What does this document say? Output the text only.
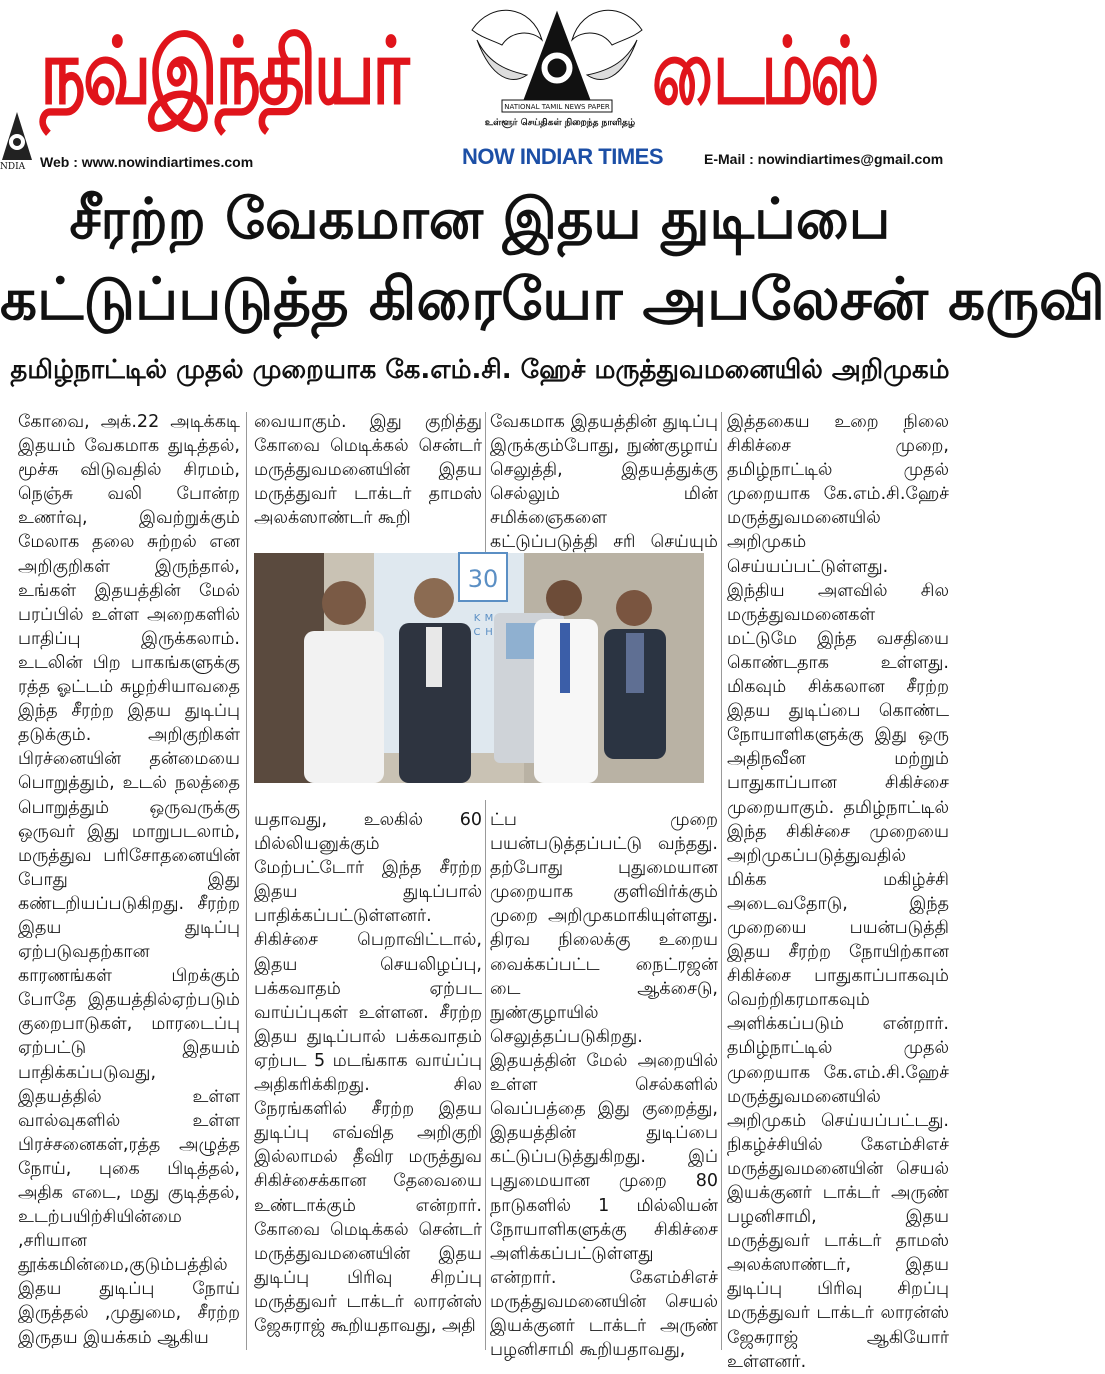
நவ்இந்தியர்	NATIONAL TAMIL NEWS PAPER
உள்ளூர் செய்திகள் நிறைந்த நாளிதழ் டைம்ஸ்
NDIA Web : www.nowindiartimes.com	NOW INDIAR TIMES	E-Mail : nowindiartimes@gmail.com
சீரற்ற வேகமான இதய துடிப்பை
கட்டுப்படுத்த கிரையோ அபலேசன் கருவி
தமிழ்நாட்டில் முதல் முறையாக கே.எம்.சி. ஹேச் மருத்துவமனையில் அறிமுகம்

கோவை, அக்.22 அடிக்கடி இதயம் வேகமாக துடித்தல், மூச்சு விடுவதில் சிரமம், நெஞ்சு வலி போன்ற உணர்வு, இவற்றுக்கும் மேலாக தலை சுற்றல் என அறிகுறிகள் இருந்தால், உங்கள் இதயத்தின் மேல் பரப்பில் உள்ள அறைகளில் பாதிப்பு இருக்கலாம். உடலின் பிற பாகங்களுக்கு ரத்த ஓட்டம் சுழற்சியாவதை இந்த சீரற்ற இதய துடிப்பு தடுக்கும். அறிகுறிகள் பிரச்னையின் தன்மையை பொறுத்தும், உடல் நலத்தை பொறுத்தும் ஒருவருக்கு ஒருவர் இது மாறுபடலாம், மருத்துவ பரிசோதனையின் போது இது கண்டறியப்படுகிறது. சீரற்ற இதய துடிப்பு ஏற்படுவதற்கான காரணங்கள் பிறக்கும் போதே இதயத்தில்ஏற்படும் குறைபாடுகள், மாரடைப்பு ஏற்பட்டு இதயம் பாதிக்கப்படுவது, இதயத்தில் உள்ள வால்வுகளில் உள்ள பிரச்சனைகள்,ரத்த அழுத்த நோய், புகை பிடித்தல், அதிக எடை, மது குடித்தல், உடற்பயிற்சியின்மை ,சரியான தூக்கமின்மை,குடும்பத்தில் இதய துடிப்பு நோய் இருத்தல் ,முதுமை, சீரற்ற இருதய இயக்கம் ஆகிய

வையாகும். இது குறித்து கோவை மெடிக்கல் சென்டர் மருத்துவமனையின் இதய மருத்துவர் டாக்டர் தாமஸ் அலக்ஸாண்டர் கூறி

வேகமாக இதயத்தின் துடிப்பு இருக்கும்போது, நுண்குழாய் செலுத்தி, இதயத்துக்கு செல்லும் மின் சமிக்ஞைகளை கட்டுப்படுத்தி சரி செய்யும்

30
K M
C H

யதாவது, உலகில் 60 மில்லியனுக்கும் மேற்பட்டோர் இந்த சீரற்ற இதய துடிப்பால் பாதிக்கப்பட்டுள்ளனர். சிகிச்சை பெறாவிட்டால், இதய செயலிழப்பு, பக்கவாதம் ஏற்பட வாய்ப்புகள் உள்ளன. சீரற்ற இதய துடிப்பால் பக்கவாதம் ஏற்பட 5 மடங்காக வாய்ப்பு அதிகரிக்கிறது. சில நேரங்களில் சீரற்ற இதய துடிப்பு எவ்வித அறிகுறி இல்லாமல் தீவிர மருத்துவ சிகிச்சைக்கான தேவையை உண்டாக்கும் என்றார். கோவை மெடிக்கல் சென்டர் மருத்துவமனையின் இதய துடிப்பு பிரிவு சிறப்பு மருத்துவர் டாக்டர் லாரன்ஸ் ஜேசுராஜ் கூறியதாவது, அதி

ட்ப முறை பயன்படுத்தப்பட்டு வந்தது. தற்போது புதுமையான முறையாக குளிவிர்க்கும் முறை அறிமுகமாகியுள்ளது. திரவ நிலைக்கு உறைய வைக்கப்பட்ட நைட்ரஜன் டை ஆக்சைடு, நுண்குழாயில் செலுத்தப்படுகிறது. இதயத்தின் மேல் அறையில் உள்ள செல்களில் வெப்பத்தை இது குறைத்து, இதயத்தின் துடிப்பை கட்டுப்படுத்துகிறது. இப் புதுமையான முறை 80 நாடுகளில் 1 மில்லியன் நோயாளிகளுக்கு சிகிச்சை அளிக்கப்பட்டுள்ளது என்றார். கேஎம்சிஎச் மருத்துவமனையின் செயல் இயக்குனர் டாக்டர் அருண் பழனிசாமி கூறியதாவது,

இத்தகைய உறை நிலை சிகிச்சை முறை, தமிழ்நாட்டில் முதல் முறையாக கே.எம்.சி.ஹேச் மருத்துவமனையில் அறிமுகம் செய்யப்பட்டுள்ளது. இந்திய அளவில் சில மருத்துவமனைகள் மட்டுமே இந்த வசதியை கொண்டதாக உள்ளது. மிகவும் சிக்கலான சீரற்ற இதய துடிப்பை கொண்ட நோயாளிகளுக்கு இது ஒரு அதிநவீன மற்றும் பாதுகாப்பான சிகிச்சை முறையாகும். தமிழ்நாட்டில் இந்த சிகிச்சை முறையை அறிமுகப்படுத்துவதில் மிக்க மகிழ்ச்சி அடைவதோடு, இந்த முறையை பயன்படுத்தி இதய சீரற்ற நோயிற்கான சிகிச்சை பாதுகாப்பாகவும் வெற்றிகரமாகவும் அளிக்கப்படும் என்றார். தமிழ்நாட்டில் முதல் முறையாக கே.எம்.சி.ஹேச் மருத்துவமனையில் அறிமுகம் செய்யப்பட்டது. நிகழ்ச்சியில் கேஎம்சிஎச் மருத்துவமனையின் செயல் இயக்குனர் டாக்டர் அருண் பழனிசாமி, இதய மருத்துவர் டாக்டர் தாமஸ் அலக்ஸாண்டர், இதய துடிப்பு பிரிவு சிறப்பு மருத்துவர் டாக்டர் லாரன்ஸ் ஜேசுராஜ் ஆகியோர் உள்ளனர்.
